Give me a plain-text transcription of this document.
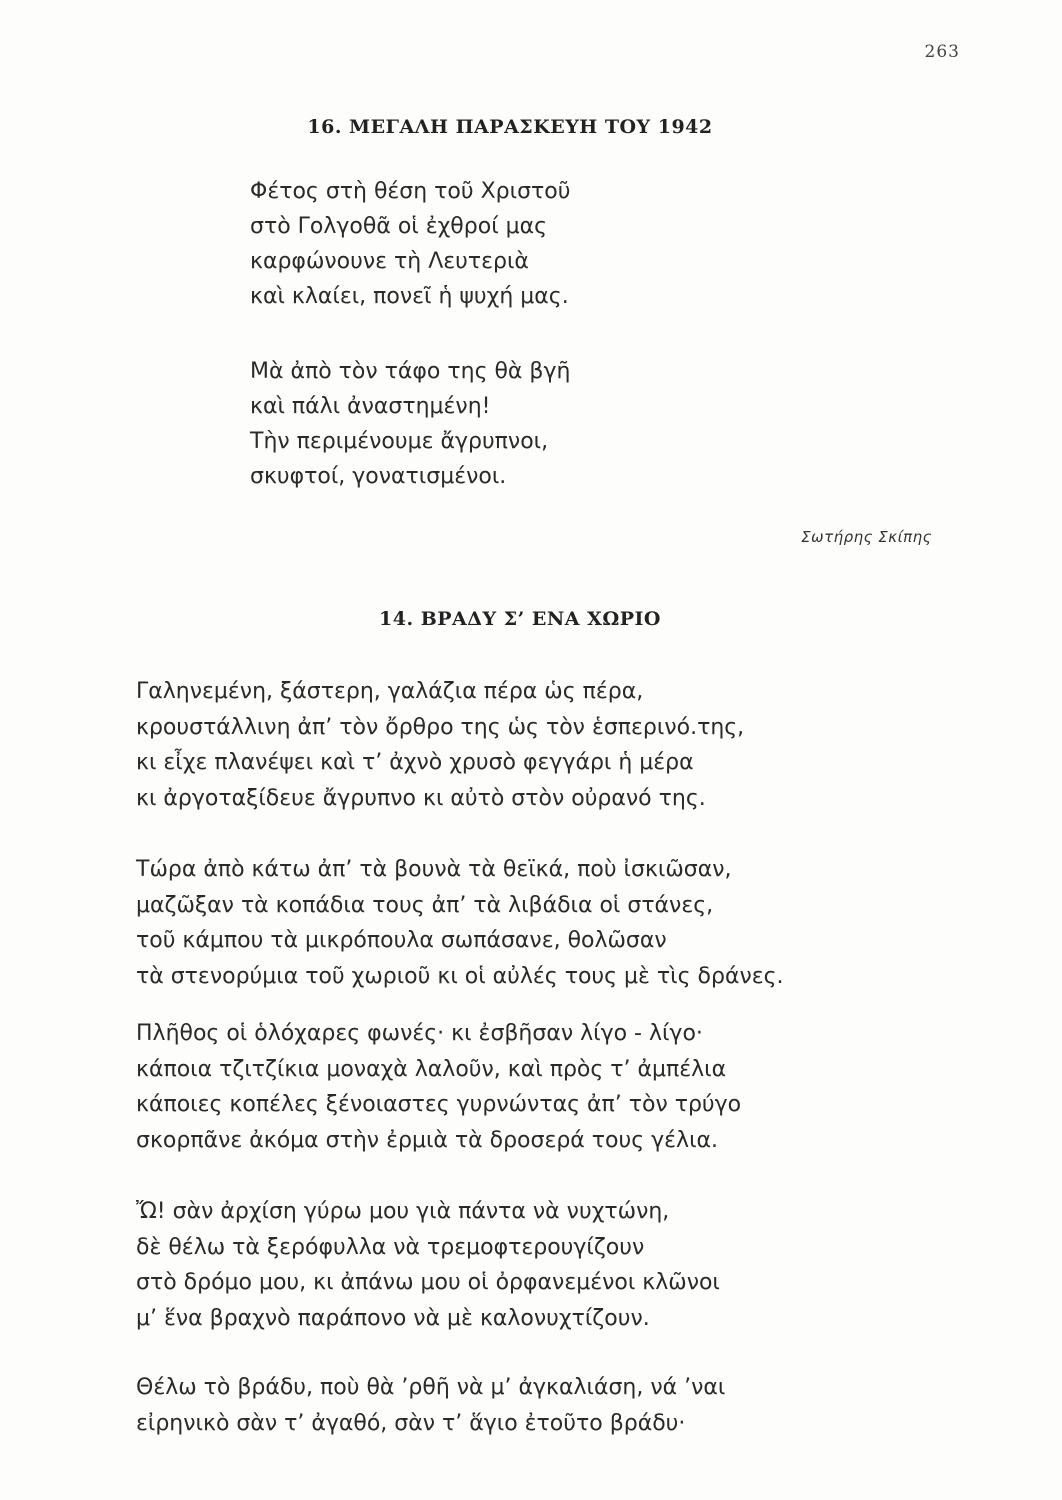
263
16. ΜΕΓΑΛΗ ΠΑΡΑΣΚΕΥΗ ΤΟΥ 1942
Φέτος στὴ θέση τοῦ Χριστοῦ
στὸ Γολγοθᾶ οἱ ἐχθροί μας
καρφώνουνε τὴ Λευτεριὰ
καὶ κλαίει, πονεῖ ἡ ψυχή μας.
Μὰ ἀπὸ τὸν τάφο της θὰ βγῆ
καὶ πάλι ἀναστημένη!
Τὴν περιμένουμε ἄγρυπνοι,
σκυφτοί, γονατισμένοι.
Σωτήρης Σκίπης
14. ΒΡΑΔΥ Σ’ ΕΝΑ ΧΩΡΙΟ
Γαληνεμένη, ξάστερη, γαλάζια πέρα ὡς πέρα,
κρουστάλλινη ἀπ’ τὸν ὄρθρο της ὡς τὸν ἑσπερινό.της,
κι εἶχε πλανέψει καὶ τ’ ἀχνὸ χρυσὸ φεγγάρι ἡ μέρα
κι ἀργοταξίδευε ἄγρυπνο κι αὐτὸ στὸν οὐρανό της.
Τώρα ἀπὸ κάτω ἀπ’ τὰ βουνὰ τὰ θεϊκά, ποὺ ἰσκιῶσαν,
μαζῶξαν τὰ κοπάδια τους ἀπ’ τὰ λιβάδια οἱ στάνες,
τοῦ κάμπου τὰ μικρόπουλα σωπάσανε, θολῶσαν
τὰ στενορύμια τοῦ χωριοῦ κι οἱ αὐλές τους μὲ τὶς δράνες.
Πλῆθος οἱ ὁλόχαρες φωνές· κι ἐσβῆσαν λίγο - λίγο·
κάποια τζιτζίκια μοναχὰ λαλοῦν, καὶ πρὸς τ’ ἀμπέλια
κάποιες κοπέλες ξένοιαστες γυρνώντας ἀπ’ τὸν τρύγο
σκορπᾶνε ἀκόμα στὴν ἐρμιὰ τὰ δροσερά τους γέλια.
Ὤ! σὰν ἀρχίση γύρω μου γιὰ πάντα νὰ νυχτώνη,
δὲ θέλω τὰ ξερόφυλλα νὰ τρεμοφτερουγίζουν
στὸ δρόμο μου, κι ἀπάνω μου οἱ ὀρφανεμένοι κλῶνοι
μ’ ἕνα βραχνὸ παράπονο νὰ μὲ καλονυχτίζουν.
Θέλω τὸ βράδυ, ποὺ θὰ ’ρθῆ νὰ μ’ ἀγκαλιάση, νά ’ναι
εἰρηνικὸ σὰν τ’ ἀγαθό, σὰν τ’ ἅγιο ἐτοῦτο βράδυ·
